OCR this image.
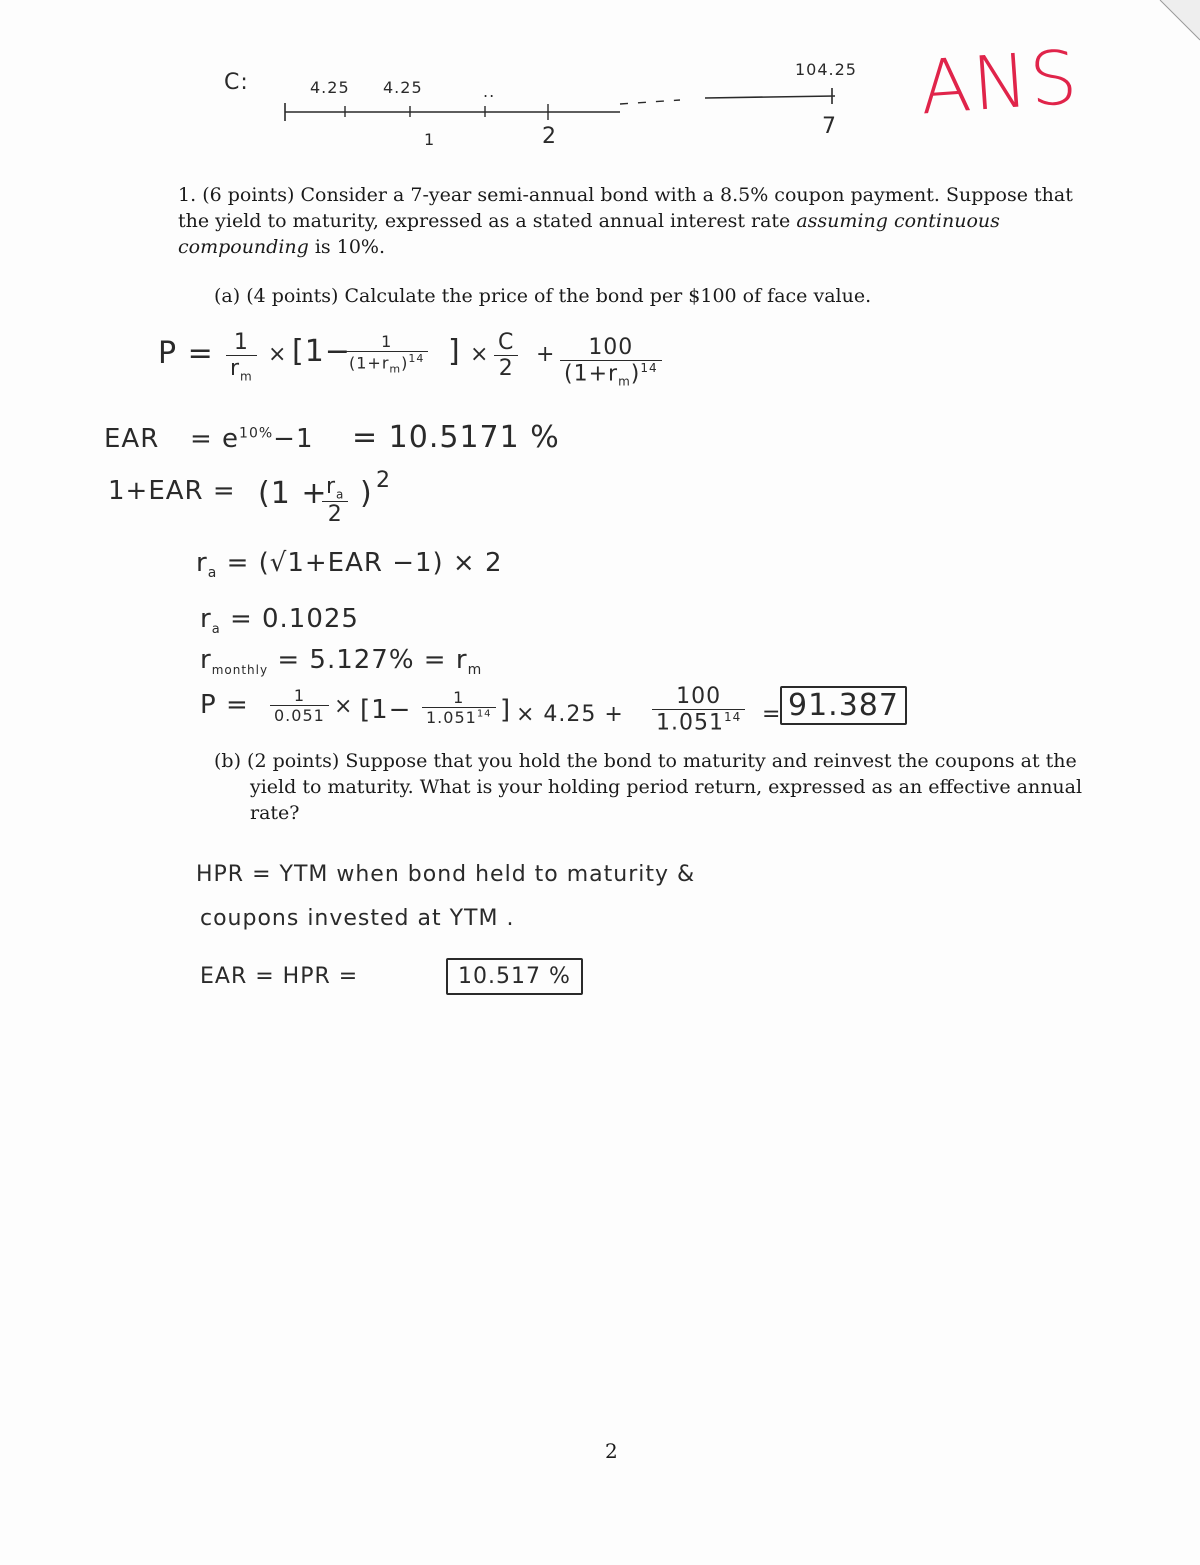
ANS
C:	4.25 4.25	..
104.25
1	2	7
1. (6 points) Consider a 7-year semi-annual bond with a 8.5% coupon payment. Suppose that the yield to maturity, expressed as a stated annual interest rate assuming continuous compounding is 10%.
(a) (4 points) Calculate the price of the bond per $100 of face value.
$P = \frac{1}{r_m} \times [1-$
$\frac{1}{(1+r_m)^{14}}$ ] × $\frac{C}{2} + \frac{100}{(1+r_m)^{14}}$
EAR = $e^{10\%}-1 = 10.5171$ %
1+EAR = (1 +
$\frac{r_a}{2}$ ) 2
$r_a = (√1+EAR -1) \times 2$
$r_a = 0.1025$
$r_{monthly} = 5.127\% = r_m$
$P = \frac{1}{0.051} \times [1- \frac{1}{1.051^{14}}$ ] × $4.25 + \frac{100}{1.051^{14}} = 91.387$
(b) (2 points) Suppose that you hold the bond to maturity and reinvest the coupons at the yield to maturity. What is your holding period return, expressed as an effective annual rate?
HPR = YTM when bond held to maturity &
coupons invested at YTM .
EAR = HPR =	10.517 %
2
